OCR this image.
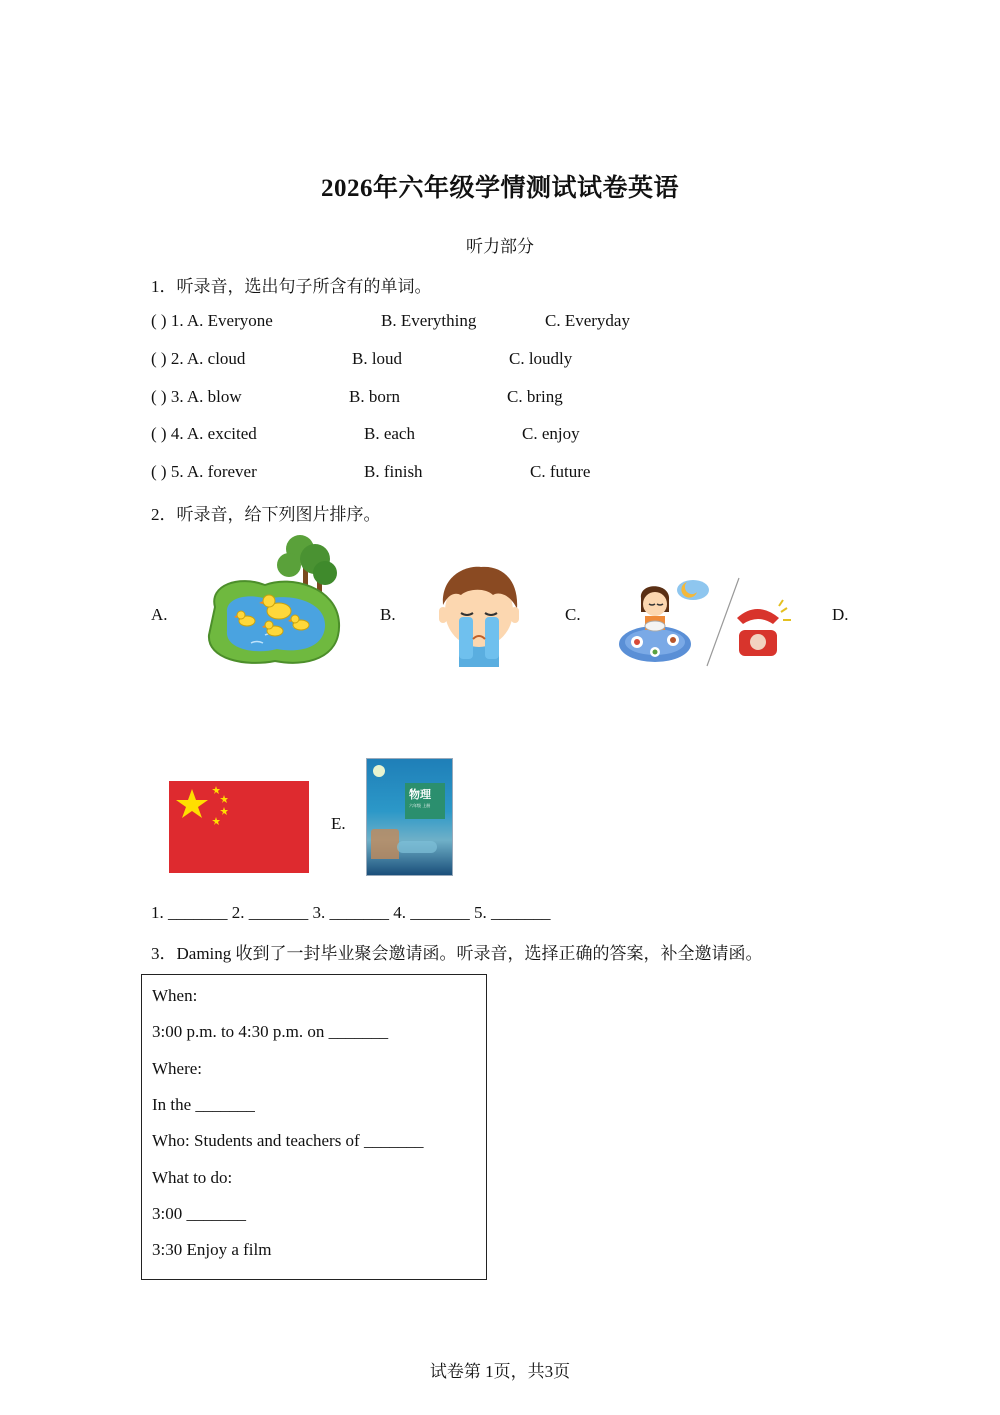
2026年六年级学情测试试卷英语
听力部分
1．听录音，选出句子所含有的单词。
( ) 1. A. Everyone	B. Everything	C. Everyday
( ) 2. A. cloud	B. loud	C. loudly
( ) 3. A. blow	B. born	C. bring
( ) 4. A. excited	B. each	C. enjoy
( ) 5. A. forever	B. finish	C. future
2．听录音，给下列图片排序。
A.	B.	C.	D.
E.
物理
六年级 上册
1. _______ 2. _______ 3. _______ 4. _______ 5. _______
3．Daming 收到了一封毕业聚会邀请函。听录音，选择正确的答案，补全邀请函。
When:
3:00 p.m. to 4:30 p.m. on _______
Where:
In the _______
Who: Students and teachers of _______
What to do:
3:00 _______
3:30 Enjoy a film
试卷第 1页，共3页
